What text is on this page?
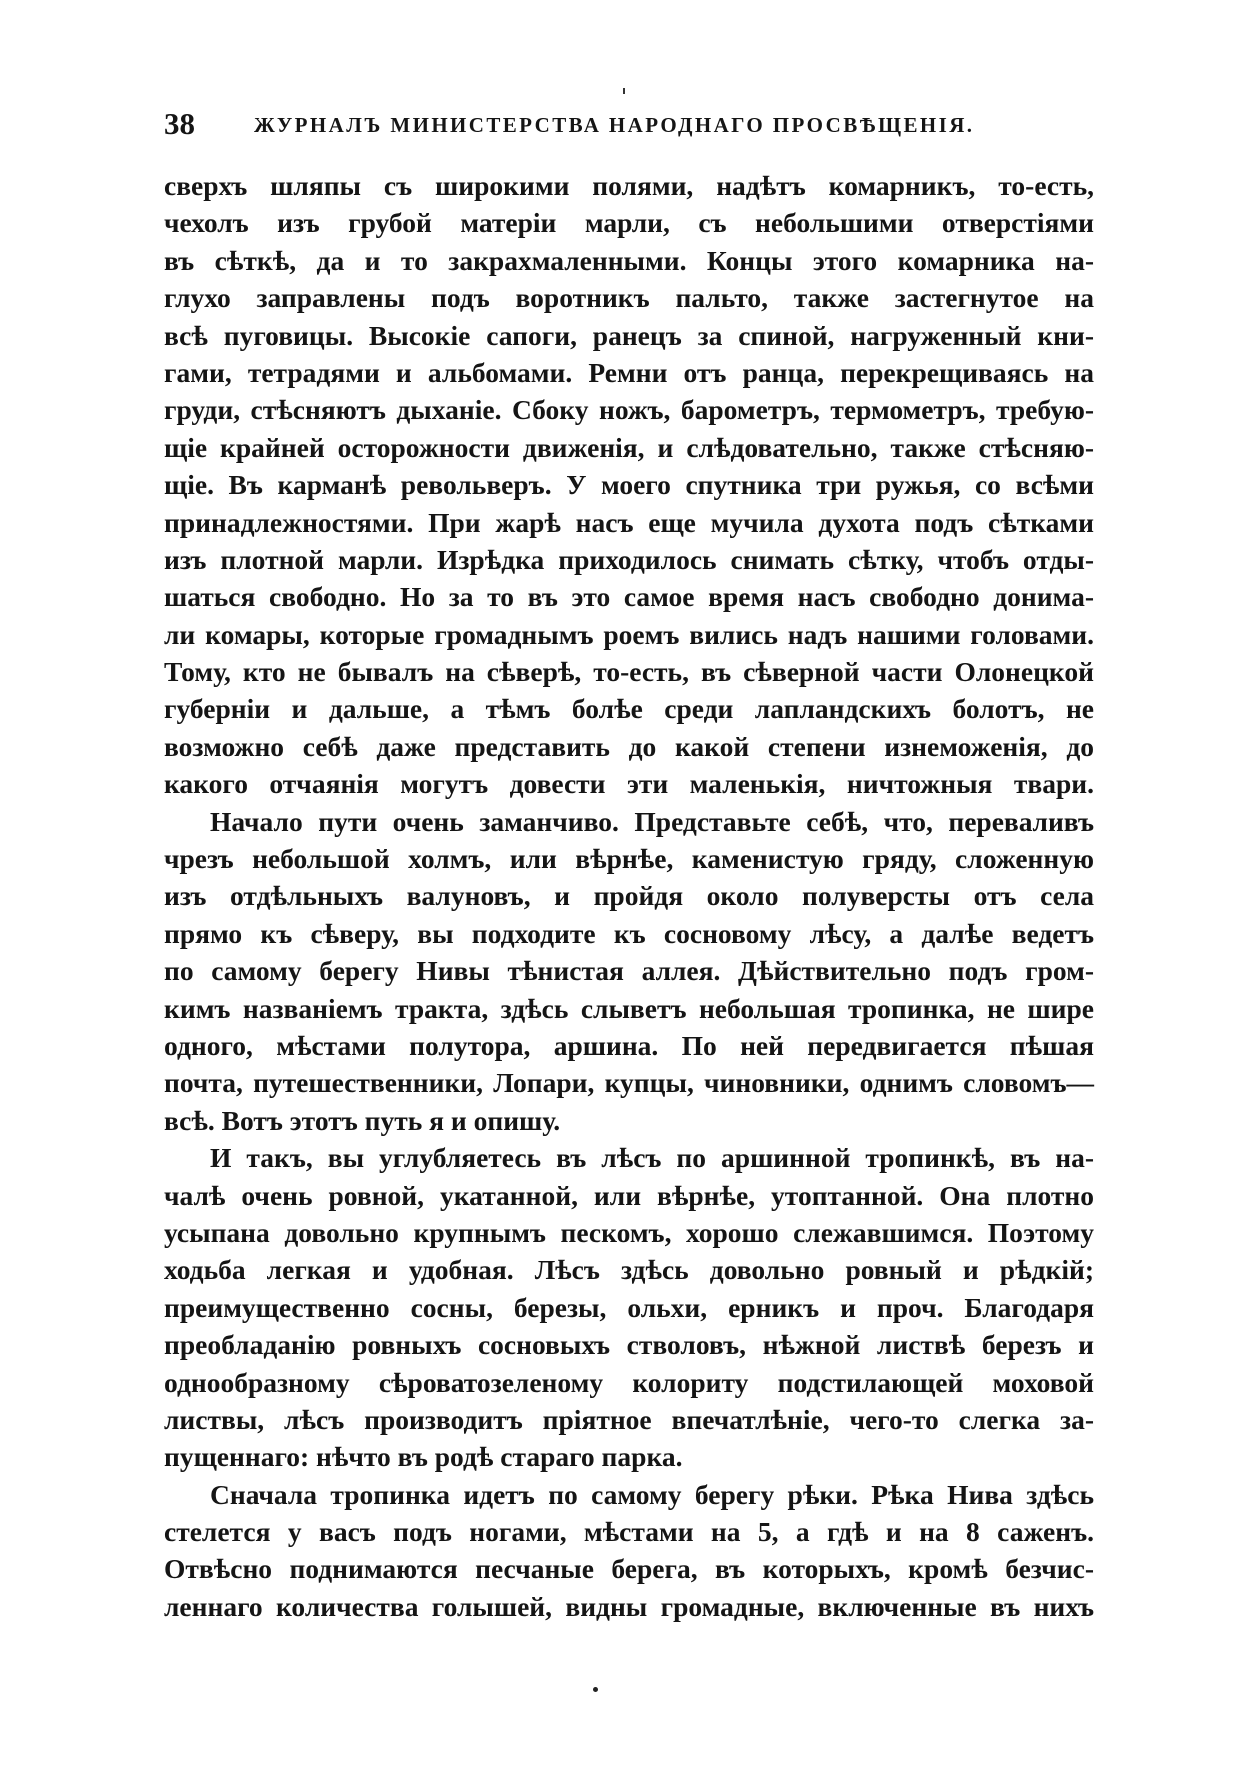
38	ЖУРНАЛЪ МИНИСТЕРСТВА НАРОДНАГО ПРОСВѢЩЕНІЯ.

сверхъ шляпы съ широкими полями, надѣтъ комарникъ, то-есть,
чехолъ изъ грубой матеріи марли, съ небольшими отверстіями
въ сѣткѣ, да и то закрахмаленными. Концы этого комарника на-
глухо заправлены подъ воротникъ пальто, также застегнутое на
всѣ пуговицы. Высокіе сапоги, ранецъ за спиной, нагруженный кни-
гами, тетрадями и альбомами. Ремни отъ ранца, перекрещиваясь на
груди, стѣсняютъ дыханіе. Сбоку ножъ, барометръ, термометръ, требую-
щіе крайней осторожности движенія, и слѣдовательно, также стѣсняю-
щіе. Въ карманѣ револьверъ. У моего спутника три ружья, со всѣми
принадлежностями. При жарѣ насъ еще мучила духота подъ сѣтками
изъ плотной марли. Изрѣдка приходилось снимать сѣтку, чтобъ отды-
шаться свободно. Но за то въ это самое время насъ свободно донима-
ли комары, которые громаднымъ роемъ вились надъ нашими головами.
Тому, кто не бывалъ на сѣверѣ, то-есть, въ сѣверной части Олонецкой
губерніи и дальше, а тѣмъ болѣе среди лапландскихъ болотъ, не
возможно себѣ даже представить до какой степени изнеможенія, до
какого отчаянія могутъ довести эти маленькія, ничтожныя твари.

Начало пути очень заманчиво. Представьте себѣ, что, перевaливъ
чрезъ небольшой холмъ, или вѣрнѣе, каменистую гряду, сложенную
изъ отдѣльныхъ валуновъ, и пройдя около полуверсты отъ села
прямо къ сѣверу, вы подходите къ сосновому лѣсу, а далѣе ведетъ
по самому берегу Нивы тѣнистая аллея. Дѣйствительно подъ гром-
кимъ названіемъ тракта, здѣсь слыветъ небольшая тропинка, не шире
одного, мѣстами полутора, аршина. По ней передвигается пѣшая
почта, путешественники, Лопари, купцы, чиновники, однимъ словомъ—
всѣ. Вотъ этотъ путь я и опишу.

И такъ, вы углубляетесь въ лѣсъ по аршинной тропинкѣ, въ на-
чалѣ очень ровной, укатанной, или вѣрнѣе, утоптанной. Она плотно
усыпана довольно крупнымъ пескомъ, хорошо слежавшимся. Поэтому
ходьба легкая и удобная. Лѣсъ здѣсь довольно ровный и рѣдкій;
преимущественно сосны, березы, ольхи, ерникъ и проч. Благодаря
преобладанію ровныхъ сосновыхъ стволовъ, нѣжной листвѣ березъ и
однообразному сѣроватозеленому колориту подстилающей моховой
листвы, лѣсъ производитъ пріятное впечатлѣніе, чего-то слегка за-
пущеннаго: нѣчто въ родѣ стараго парка.

Сначала тропинка идетъ по самому берегу рѣки. Рѣка Нива здѣсь
стелется у васъ подъ ногами, мѣстами на 5, а гдѣ и на 8 саженъ.
Отвѣсно поднимаются песчаные берега, въ которыхъ, кромѣ безчис-
леннаго количества голышей, видны громадные, включенные въ нихъ
